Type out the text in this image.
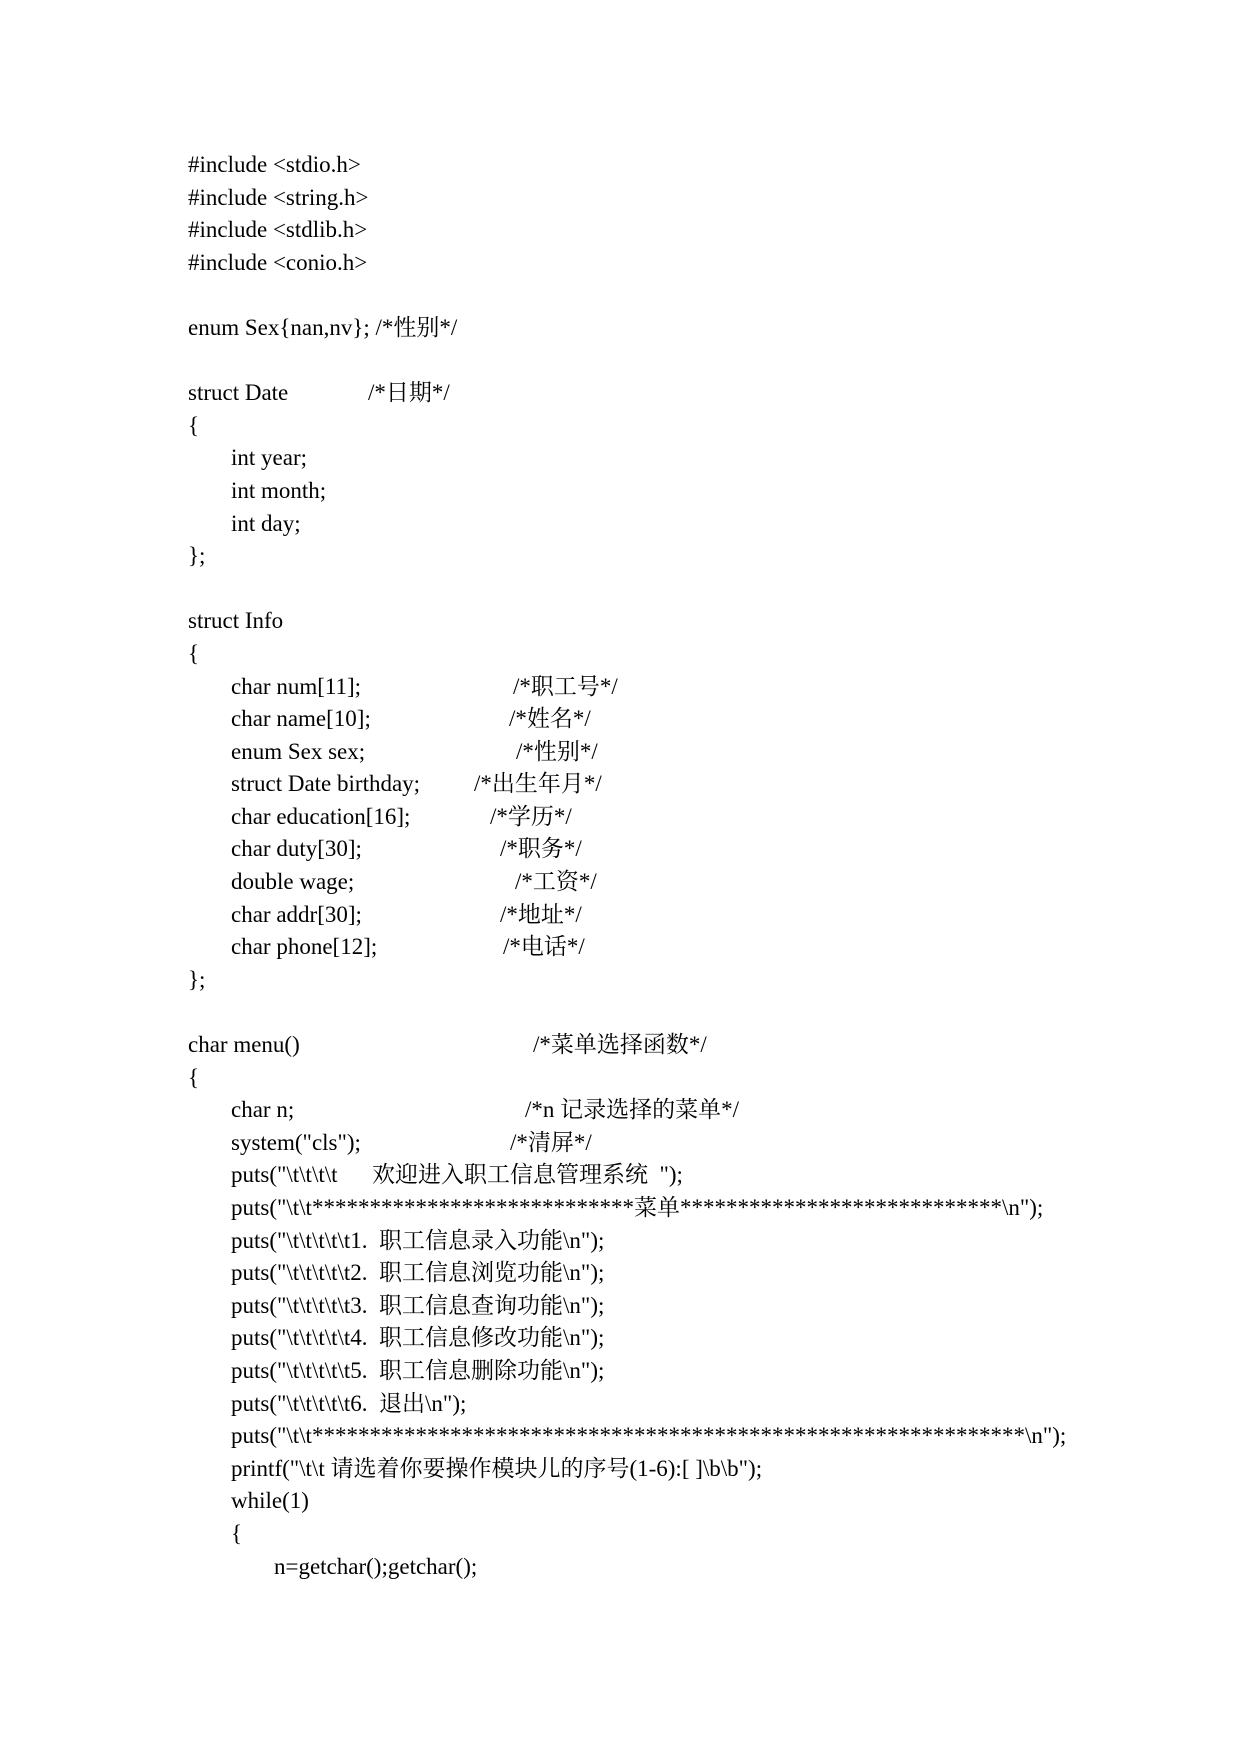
#include <stdio.h>
#include <string.h>
#include <stdlib.h>
#include <conio.h>
enum Sex{nan,nv}; /*性别*/
struct Date	/*日期*/
{
int year;
int month;
int day;
};
struct Info
{
char num[11];	/*职工号*/
char name[10];	/*姓名*/
enum Sex sex;	/*性别*/
struct Date birthday;	/*出生年月*/
char education[16];	/*学历*/
char duty[30];	/*职务*/
double wage;	/*工资*/
char addr[30];	/*地址*/
char phone[12];	/*电话*/
};
char menu()	/*菜单选择函数*/
{
char n;	/*n 记录选择的菜单*/
system("cls");	/*清屏*/
puts("\t\t\t\t      欢迎进入职工信息管理系统  ");
puts("\t\t****************************菜单****************************\n");
puts("\t\t\t\t\t1.  职工信息录入功能\n");
puts("\t\t\t\t\t2.  职工信息浏览功能\n");
puts("\t\t\t\t\t3.  职工信息查询功能\n");
puts("\t\t\t\t\t4.  职工信息修改功能\n");
puts("\t\t\t\t\t5.  职工信息删除功能\n");
puts("\t\t\t\t\t6.  退出\n");
puts("\t\t**************************************************************\n");
printf("\t\t 请选着你要操作模块儿的序号(1-6):[ ]\b\b");
while(1)
{
n=getchar();getchar();
